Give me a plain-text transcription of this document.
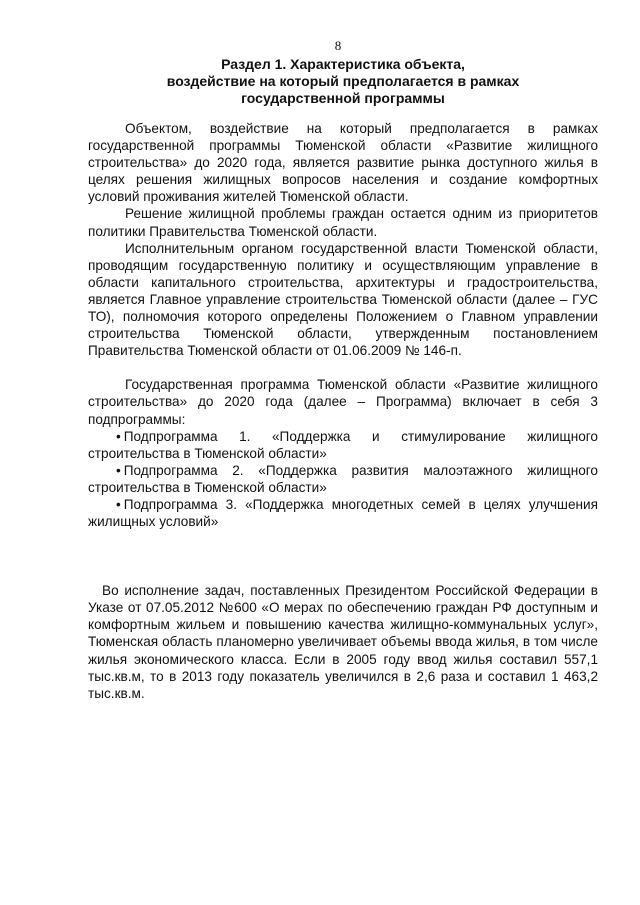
8
Раздел 1. Характеристика объекта,
воздействие на который предполагается в рамках
государственной программы

Объектом, воздействие на который предполагается в рамках государственной программы Тюменской области «Развитие жилищного строительства» до 2020 года, является развитие рынка доступного жилья в целях решения жилищных вопросов населения и создание комфортных условий проживания жителей Тюменской области.

Решение жилищной проблемы граждан остается одним из приоритетов политики Правительства Тюменской области.

Исполнительным органом государственной власти Тюменской области, проводящим государственную политику и осуществляющим управление в области капитального строительства, архитектуры и градостроительства, является Главное управление строительства Тюменской области (далее – ГУС ТО), полномочия которого определены Положением о Главном управлении строительства Тюменской области, утвержденным постановлением Правительства Тюменской области от 01.06.2009 № 146-п.

Государственная программа Тюменской области «Развитие жилищного строительства» до 2020 года (далее – Программа) включает в себя 3 подпрограммы:

• Подпрограмма 1. «Поддержка и стимулирование жилищного строительства в Тюменской области»

• Подпрограмма 2. «Поддержка развития малоэтажного жилищного строительства в Тюменской области»

• Подпрограмма 3. «Поддержка многодетных семей в целях улучшения жилищных условий»

Во исполнение задач, поставленных Президентом Российской Федерации в Указе от 07.05.2012 №600 «О мерах по обеспечению граждан РФ доступным и комфортным жильем и повышению качества жилищно-коммунальных услуг», Тюменская область планомерно увеличивает объемы ввода жилья, в том числе жилья экономического класса. Если в 2005 году ввод жилья составил 557,1 тыс.кв.м, то в 2013 году показатель увеличился в 2,6 раза и составил 1 463,2 тыс.кв.м.
